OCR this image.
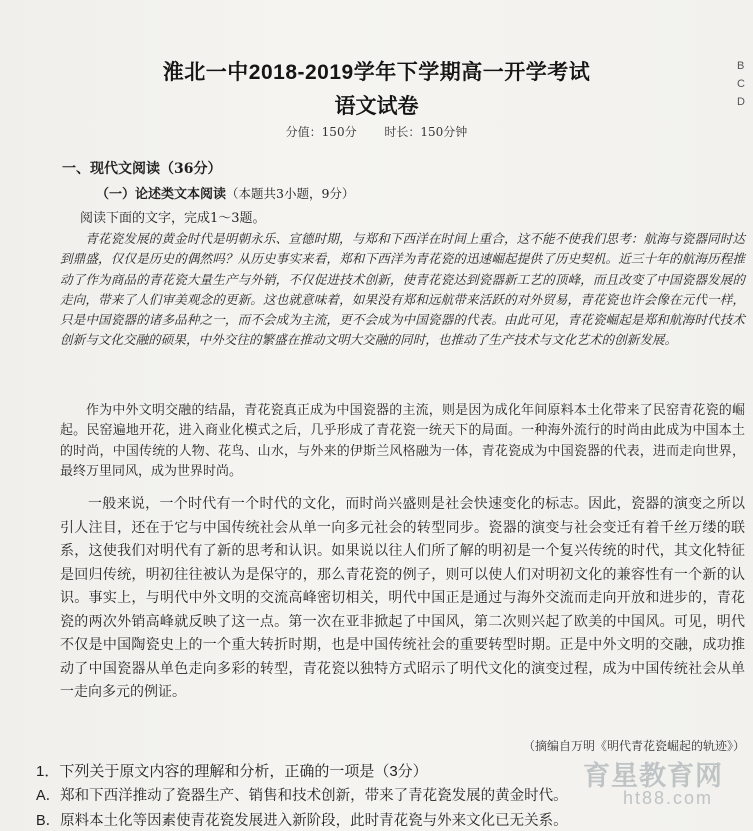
B
C
D
淮北一中2018-2019学年下学期高一开学考试
语文试卷
分值：150分 时长：150分钟
一、现代文阅读（36分）
（一）论述类文本阅读（本题共3小题，9分）
阅读下面的文字，完成1～3题。
青花瓷发展的黄金时代是明朝永乐、宣德时期，与郑和下西洋在时间上重合，这不能不使我们思考：航海与瓷器同时达到鼎盛，仅仅是历史的偶然吗？从历史事实来看，郑和下西洋为青花瓷的迅速崛起提供了历史契机。近三十年的航海历程推动了作为商品的青花瓷大量生产与外销，不仅促进技术创新，使青花瓷达到瓷器新工艺的顶峰，而且改变了中国瓷器发展的走向，带来了人们审美观念的更新。这也就意味着，如果没有郑和远航带来活跃的对外贸易，青花瓷也许会像在元代一样，只是中国瓷器的诸多品种之一，而不会成为主流，更不会成为中国瓷器的代表。由此可见，青花瓷崛起是郑和航海时代技术创新与文化交融的硕果，中外交往的繁盛在推动文明大交融的同时，也推动了生产技术与文化艺术的创新发展。
作为中外文明交融的结晶，青花瓷真正成为中国瓷器的主流，则是因为成化年间原料本土化带来了民窑青花瓷的崛起。民窑遍地开花，进入商业化模式之后，几乎形成了青花瓷一统天下的局面。一种海外流行的时尚由此成为中国本土的时尚，中国传统的人物、花鸟、山水，与外来的伊斯兰风格融为一体，青花瓷成为中国瓷器的代表，进而走向世界，最终万里同风，成为世界时尚。
一般来说，一个时代有一个时代的文化，而时尚兴盛则是社会快速变化的标志。因此，瓷器的演变之所以引人注目，还在于它与中国传统社会从单一向多元社会的转型同步。瓷器的演变与社会变迁有着千丝万缕的联系，这使我们对明代有了新的思考和认识。如果说以往人们所了解的明初是一个复兴传统的时代，其文化特征是回归传统，明初往往被认为是保守的，那么青花瓷的例子，则可以使人们对明初文化的兼容性有一个新的认识。事实上，与明代中外文明的交流高峰密切相关，明代中国正是通过与海外交流而走向开放和进步的，青花瓷的两次外销高峰就反映了这一点。第一次在亚非掀起了中国风，第二次则兴起了欧美的中国风。可见，明代不仅是中国陶瓷史上的一个重大转折时期，也是中国传统社会的重要转型时期。正是中外文明的交融，成功推动了中国瓷器从单色走向多彩的转型，青花瓷以独特方式昭示了明代文化的演变过程，成为中国传统社会从单一走向多元的例证。
（摘编自万明《明代青花瓷崛起的轨迹》）
1．下列关于原文内容的理解和分析，正确的一项是（3分）
A．郑和下西洋推动了瓷器生产、销售和技术创新，带来了青花瓷发展的黄金时代。
B．原料本土化等因素使青花瓷发展进入新阶段，此时青花瓷与外来文化已无关系。
育星教育网
ht88.com
